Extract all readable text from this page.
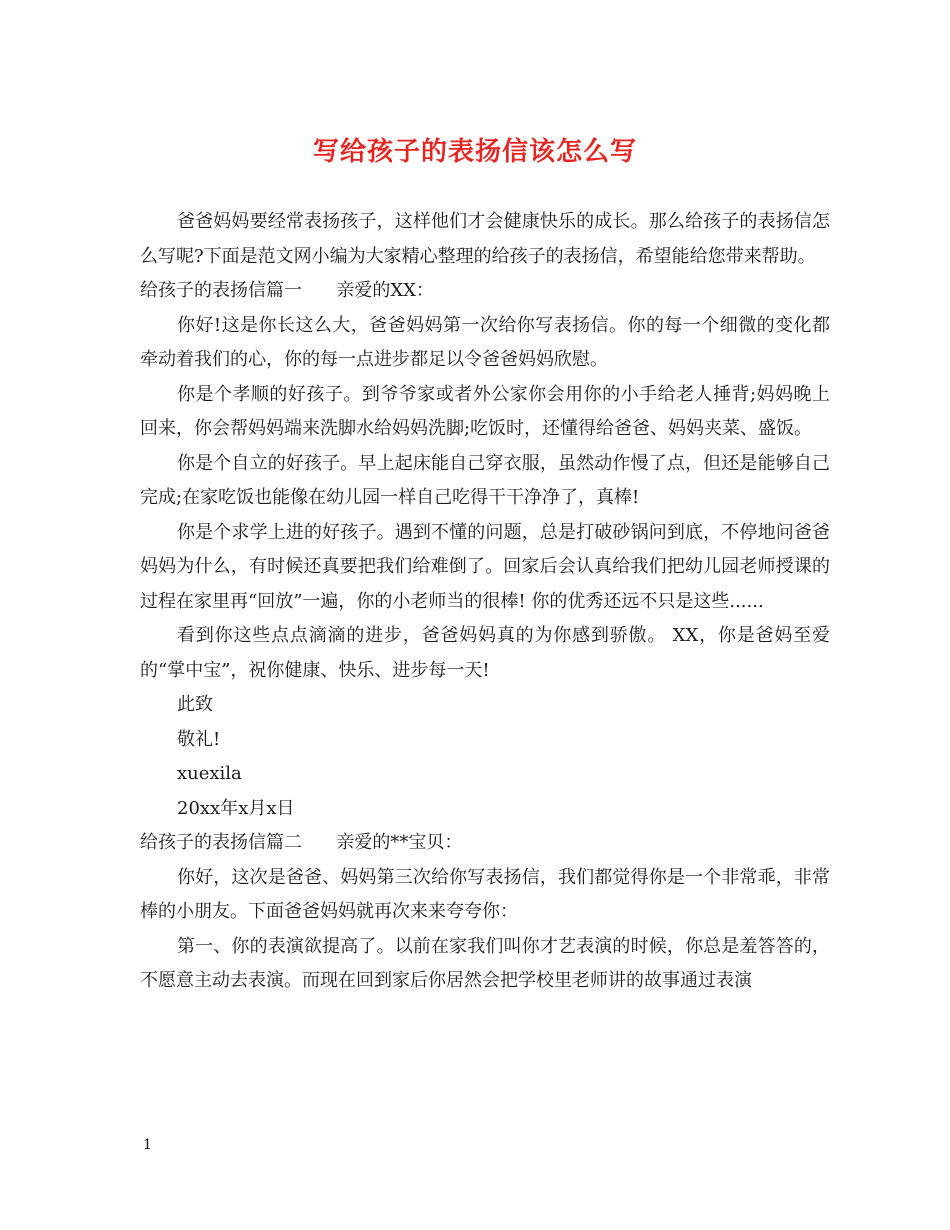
写给孩子的表扬信该怎么写

爸爸妈妈要经常表扬孩子，这样他们才会健康快乐的成长。那么给孩子的表扬信怎么写呢?下面是范文网小编为大家精心整理的给孩子的表扬信，希望能给您带来帮助。

给孩子的表扬信篇一      亲爱的XX：

你好!这是你长这么大，爸爸妈妈第一次给你写表扬信。你的每一个细微的变化都牵动着我们的心，你的每一点进步都足以令爸爸妈妈欣慰。

你是个孝顺的好孩子。到爷爷家或者外公家你会用你的小手给老人捶背;妈妈晚上回来，你会帮妈妈端来洗脚水给妈妈洗脚;吃饭时，还懂得给爸爸、妈妈夹菜、盛饭。

你是个自立的好孩子。早上起床能自己穿衣服，虽然动作慢了点，但还是能够自己完成;在家吃饭也能像在幼儿园一样自己吃得干干净净了，真棒!

你是个求学上进的好孩子。遇到不懂的问题，总是打破砂锅问到底，不停地问爸爸妈妈为什么，有时候还真要把我们给难倒了。回家后会认真给我们把幼儿园老师授课的过程在家里再“回放”一遍，你的小老师当的很棒! 你的优秀还远不只是这些......

看到你这些点点滴滴的进步，爸爸妈妈真的为你感到骄傲。 XX，你是爸妈至爱的“掌中宝”，祝你健康、快乐、进步每一天!

此致

敬礼!

xuexila

20xx年x月x日

给孩子的表扬信篇二      亲爱的**宝贝：

你好，这次是爸爸、妈妈第三次给你写表扬信，我们都觉得你是一个非常乖，非常棒的小朋友。下面爸爸妈妈就再次来来夸夸你：

第一、你的表演欲提高了。以前在家我们叫你才艺表演的时候，你总是羞答答的，不愿意主动去表演。而现在回到家后你居然会把学校里老师讲的故事通过表演

1
